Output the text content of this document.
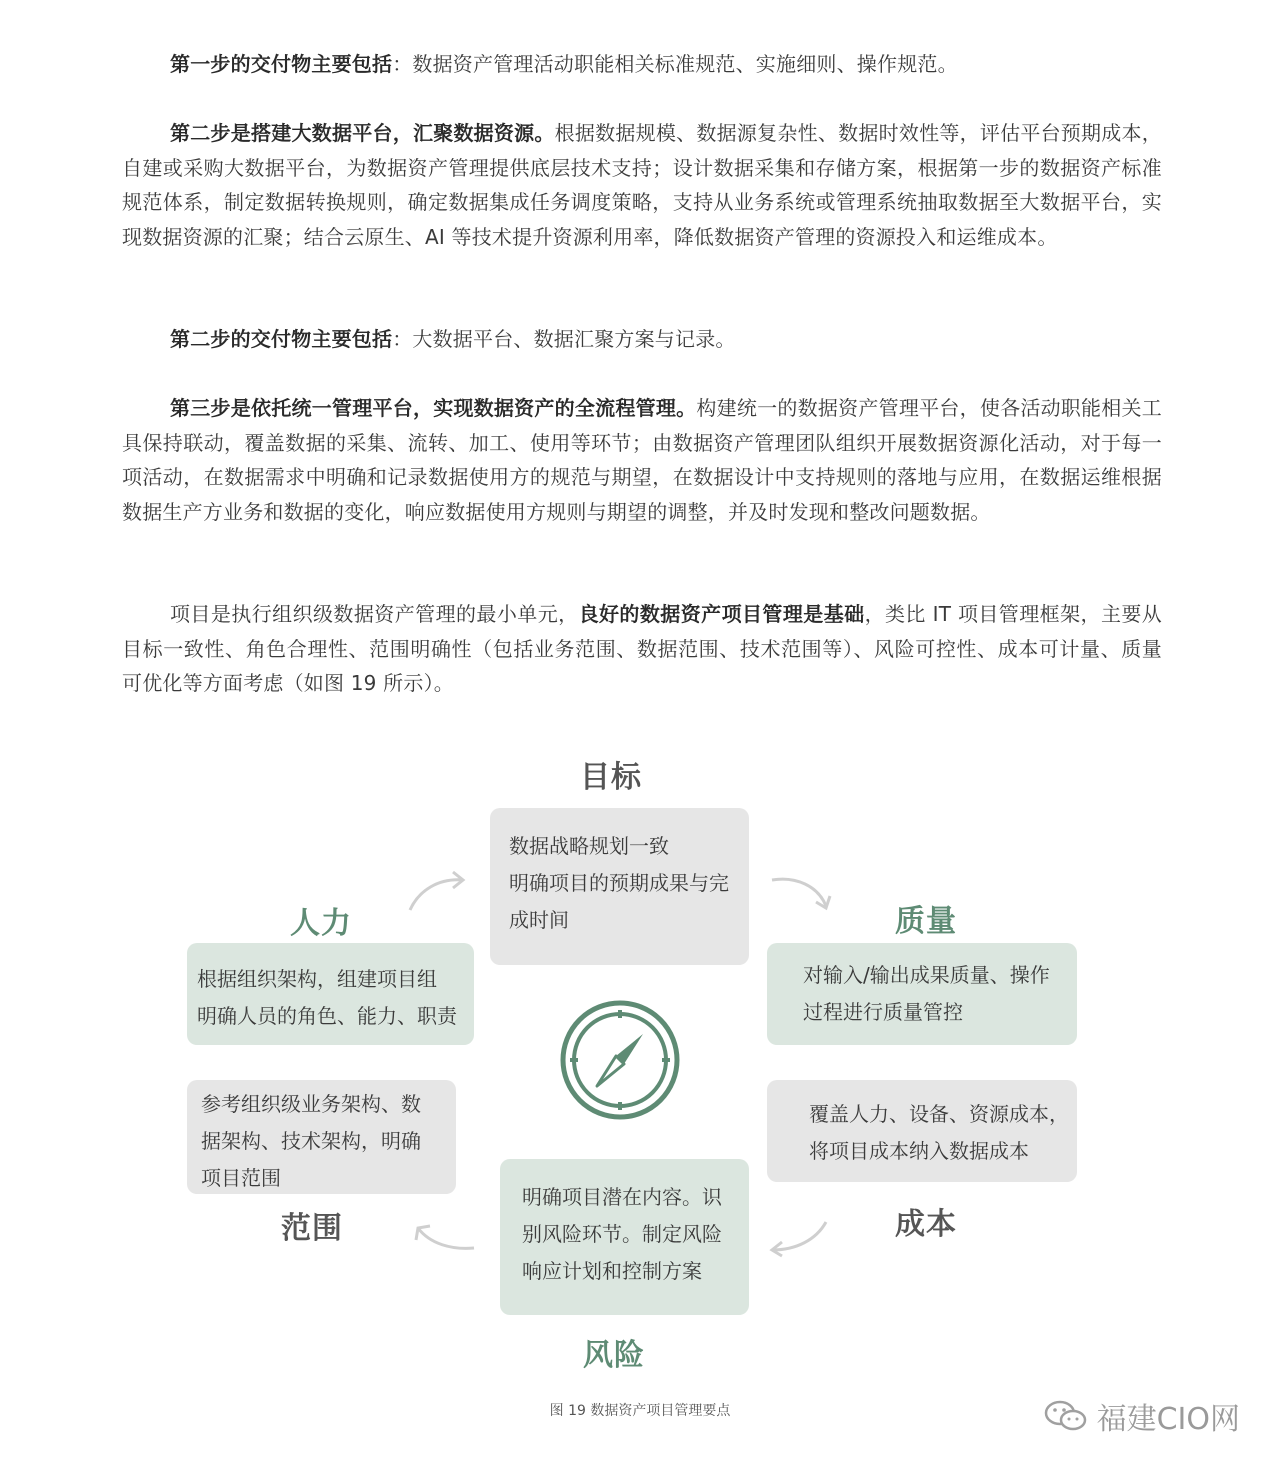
第一步的交付物主要包括：数据资产管理活动职能相关标准规范、实施细则、操作规范。

第二步是搭建大数据平台，汇聚数据资源。根据数据规模、数据源复杂性、数据时效性等，评估平台预期成本，自建或采购大数据平台，为数据资产管理提供底层技术支持；设计数据采集和存储方案，根据第一步的数据资产标准规范体系，制定数据转换规则，确定数据集成任务调度策略，支持从业务系统或管理系统抽取数据至大数据平台，实现数据资源的汇聚；结合云原生、AI 等技术提升资源利用率，降低数据资产管理的资源投入和运维成本。

第二步的交付物主要包括：大数据平台、数据汇聚方案与记录。

第三步是依托统一管理平台，实现数据资产的全流程管理。构建统一的数据资产管理平台，使各活动职能相关工具保持联动，覆盖数据的采集、流转、加工、使用等环节；由数据资产管理团队组织开展数据资源化活动，对于每一项活动，在数据需求中明确和记录数据使用方的规范与期望，在数据设计中支持规则的落地与应用，在数据运维根据数据生产方业务和数据的变化，响应数据使用方规则与期望的调整，并及时发现和整改问题数据。

项目是执行组织级数据资产管理的最小单元，良好的数据资产项目管理是基础，类比 IT 项目管理框架，主要从目标一致性、角色合理性、范围明确性（包括业务范围、数据范围、技术范围等）、风险可控性、成本可计量、质量可优化等方面考虑（如图 19 所示）。

目标
数据战略规划一致
明确项目的预期成果与完
成时间	质量
对输入/输出成果质量、操作
过程进行质量管控
覆盖人力、设备、资源成本，
将项目成本纳入数据成本
成本
明确项目潜在内容。识
别风险环节。制定风险
响应计划和控制方案
风险
参考组织级业务架构、数
据架构、技术架构，明确
项目范围
范围
人力
根据组织架构，组建项目组
明确人员的角色、能力、职责
图 19 数据资产项目管理要点	福建CIO网
